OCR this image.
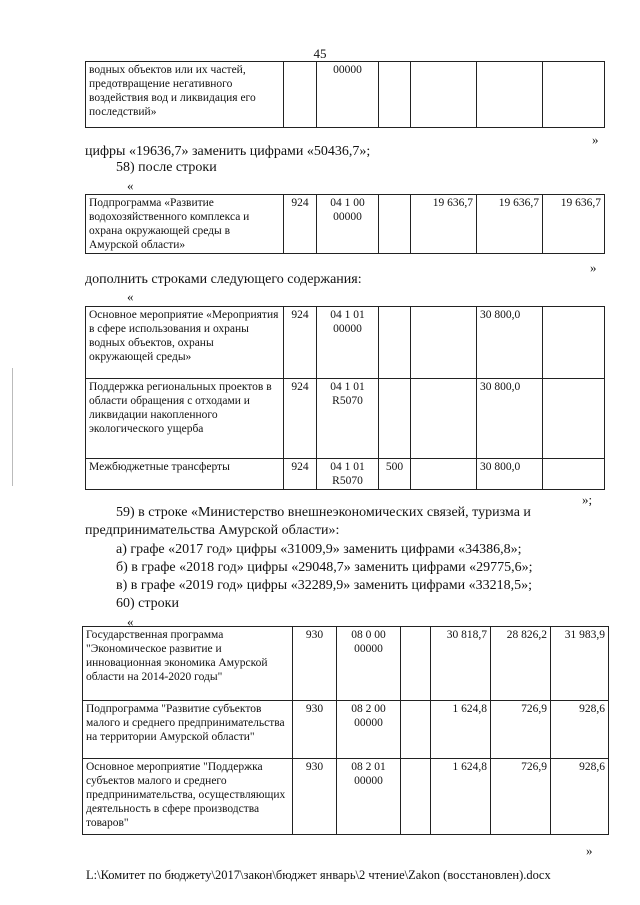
45
водных объектов или их частей, предотвращение негативного воздействия вод и ликвидация его последствий»		00000				
»
цифры «19636,7» заменить цифрами «50436,7»;
58) после строки
«
Подпрограмма «Развитие водохозяйственного комплекса и охрана окружающей среды в Амурской области»	924	04 1 00 00000		19 636,7	19 636,7	19 636,7
»
дополнить строками следующего содержания:
«
Основное мероприятие «Мероприятия в сфере использования и охраны водных объектов, охраны окружающей среды»	924	04 1 01 00000			30 800,0	
Поддержка региональных проектов в области обращения с отходами и ликвидации накопленного экологического ущерба	924	04 1 01 R5070			30 800,0	
Межбюджетные трансферты	924	04 1 01 R5070	500		30 800,0	
»;
59) в строке «Министерство внешнеэкономических связей, туризма и
предпринимательства Амурской области»:
а) графе «2017 год» цифры «31009,9» заменить цифрами «34386,8»;
б) в графе «2018 год» цифры «29048,7» заменить цифрами «29775,6»;
в) в графе «2019 год» цифры «32289,9» заменить цифрами «33218,5»;
60) строки
«
Государственная программа "Экономическое развитие и инновационная экономика Амурской области на 2014-2020 годы"	930	08 0 00 00000		30 818,7	28 826,2	31 983,9
Подпрограмма "Развитие субъектов малого и среднего предпринимательства на территории Амурской области"	930	08 2 00 00000		1 624,8	726,9	928,6
Основное мероприятие "Поддержка субъектов малого и среднего предпринимательства, осуществляющих деятельность в сфере производства товаров"	930	08 2 01 00000		1 624,8	726,9	928,6
»
L:\Комитет по бюджету\2017\закон\бюджет январь\2 чтение\Zakon (восстановлен).docx
